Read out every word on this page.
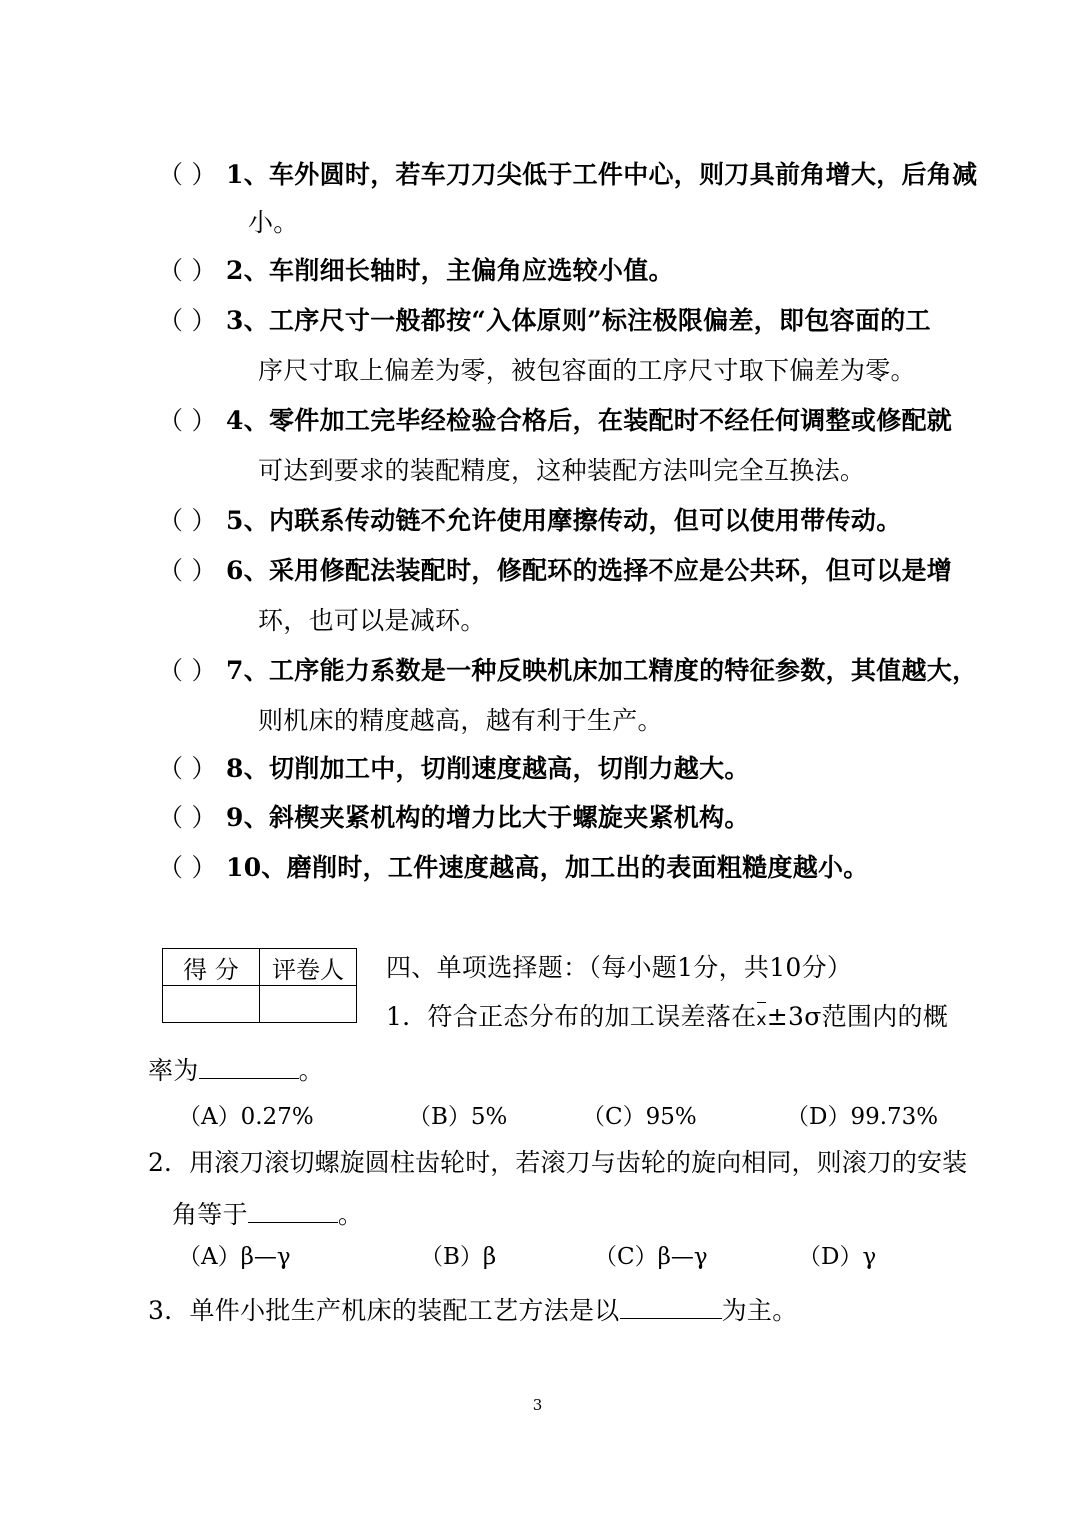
（ ） 1、车外圆时，若车刀刀尖低于工件中心，则刀具前角增大，后角减
小。
（ ） 2、车削细长轴时，主偏角应选较小值。
（ ） 3、工序尺寸一般都按“入体原则”标注极限偏差，即包容面的工
序尺寸取上偏差为零，被包容面的工序尺寸取下偏差为零。
（ ） 4、零件加工完毕经检验合格后，在装配时不经任何调整或修配就
可达到要求的装配精度，这种装配方法叫完全互换法。
（ ） 5、内联系传动链不允许使用摩擦传动，但可以使用带传动。
（ ） 6、采用修配法装配时，修配环的选择不应是公共环，但可以是增
环，也可以是减环。
（ ） 7、工序能力系数是一种反映机床加工精度的特征参数，其值越大，
则机床的精度越高，越有利于生产。
（ ） 8、切削加工中，切削速度越高，切削力越大。
（ ） 9、斜楔夹紧机构的增力比大于螺旋夹紧机构。
（ ） 10、磨削时，工件速度越高，加工出的表面粗糙度越小。
得 分	评卷人
	四、单项选择题：（每小题1分，共10分）
1．符合正态分布的加工误差落在x±3σ范围内的概
率为	。
（A）0.27%	（B）5%	（C）95%	（D）99.73%
2．用滚刀滚切螺旋圆柱齿轮时，若滚刀与齿轮的旋向相同，则滚刀的安装
角等于	。
（A）β—γ	（B）β	（C）β—γ	（D）γ
3．单件小批生产机床的装配工艺方法是以	为主。
3
